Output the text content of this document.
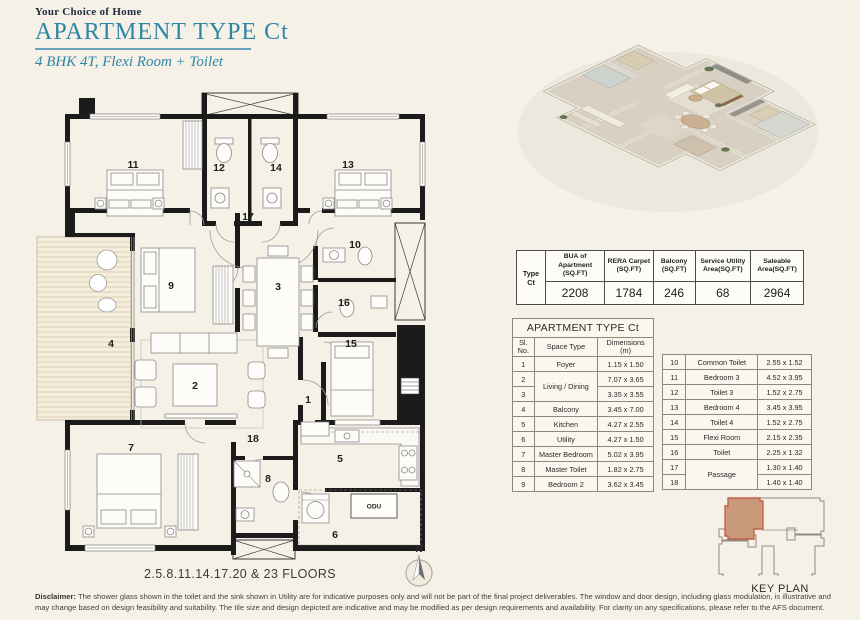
Your Choice of Home
APARTMENT TYPE Ct
4 BHK 4T, Flexi Room + Toilet
ODU
1
2
3
4
5
6
7
8
9
10
11	12	13
14
15
16
17
18
2.5.8.11.14.17.20 & 23 FLOORS
N
Type Ct	BUA of Apartment (SQ.FT)	RERA Carpet (SQ.FT)	Balcony (SQ.FT)	Service Utility Area(SQ.FT)	Saleable Area(SQ.FT)
	2208	1784	246	68	2964
APARTMENT TYPE Ct		
Sl. No.	Space Type	Dimensions (m)
1	Foyer	1.15 x 1.50
2	Living / Dining	7.07 x 3.65
3		3.35 x 3.55
4	Balcony	3.45 x 7.00
5	Kitchen	4.27 x 2.55
6	Utility	4.27 x 1.50
7	Master Bedroom	5.02 x 3.95
8	Master Toilet	1.82 x 2.75
9	Bedroom 2	3.62 x 3.45
10	Common Toilet	2.55 x 1.52
11	Bedroom 3	4.52 x 3.95
12	Toilet 3	1.52 x 2.75
13	Bedroom 4	3.45 x 3.95
14	Toilet 4	1.52 x 2.75
15	Flexi Room	2.15 x 2.35
16	Toilet	2.25 x 1.32
17	Passage	1.30 x 1.40
18		1.40 x 1.40
KEY PLAN
Disclaimer: The shower glass shown in the toilet and the sink shown in Utility are for indicative purposes only and will not be part of the final project deliverables. The window and door design, including glass modulation, is illustrative and may change based on design feasibility and suitability. The tile size and design depicted are indicative and may be modified as per design requirements and availability. For clarity on any specifications, please refer to the AFS document.
